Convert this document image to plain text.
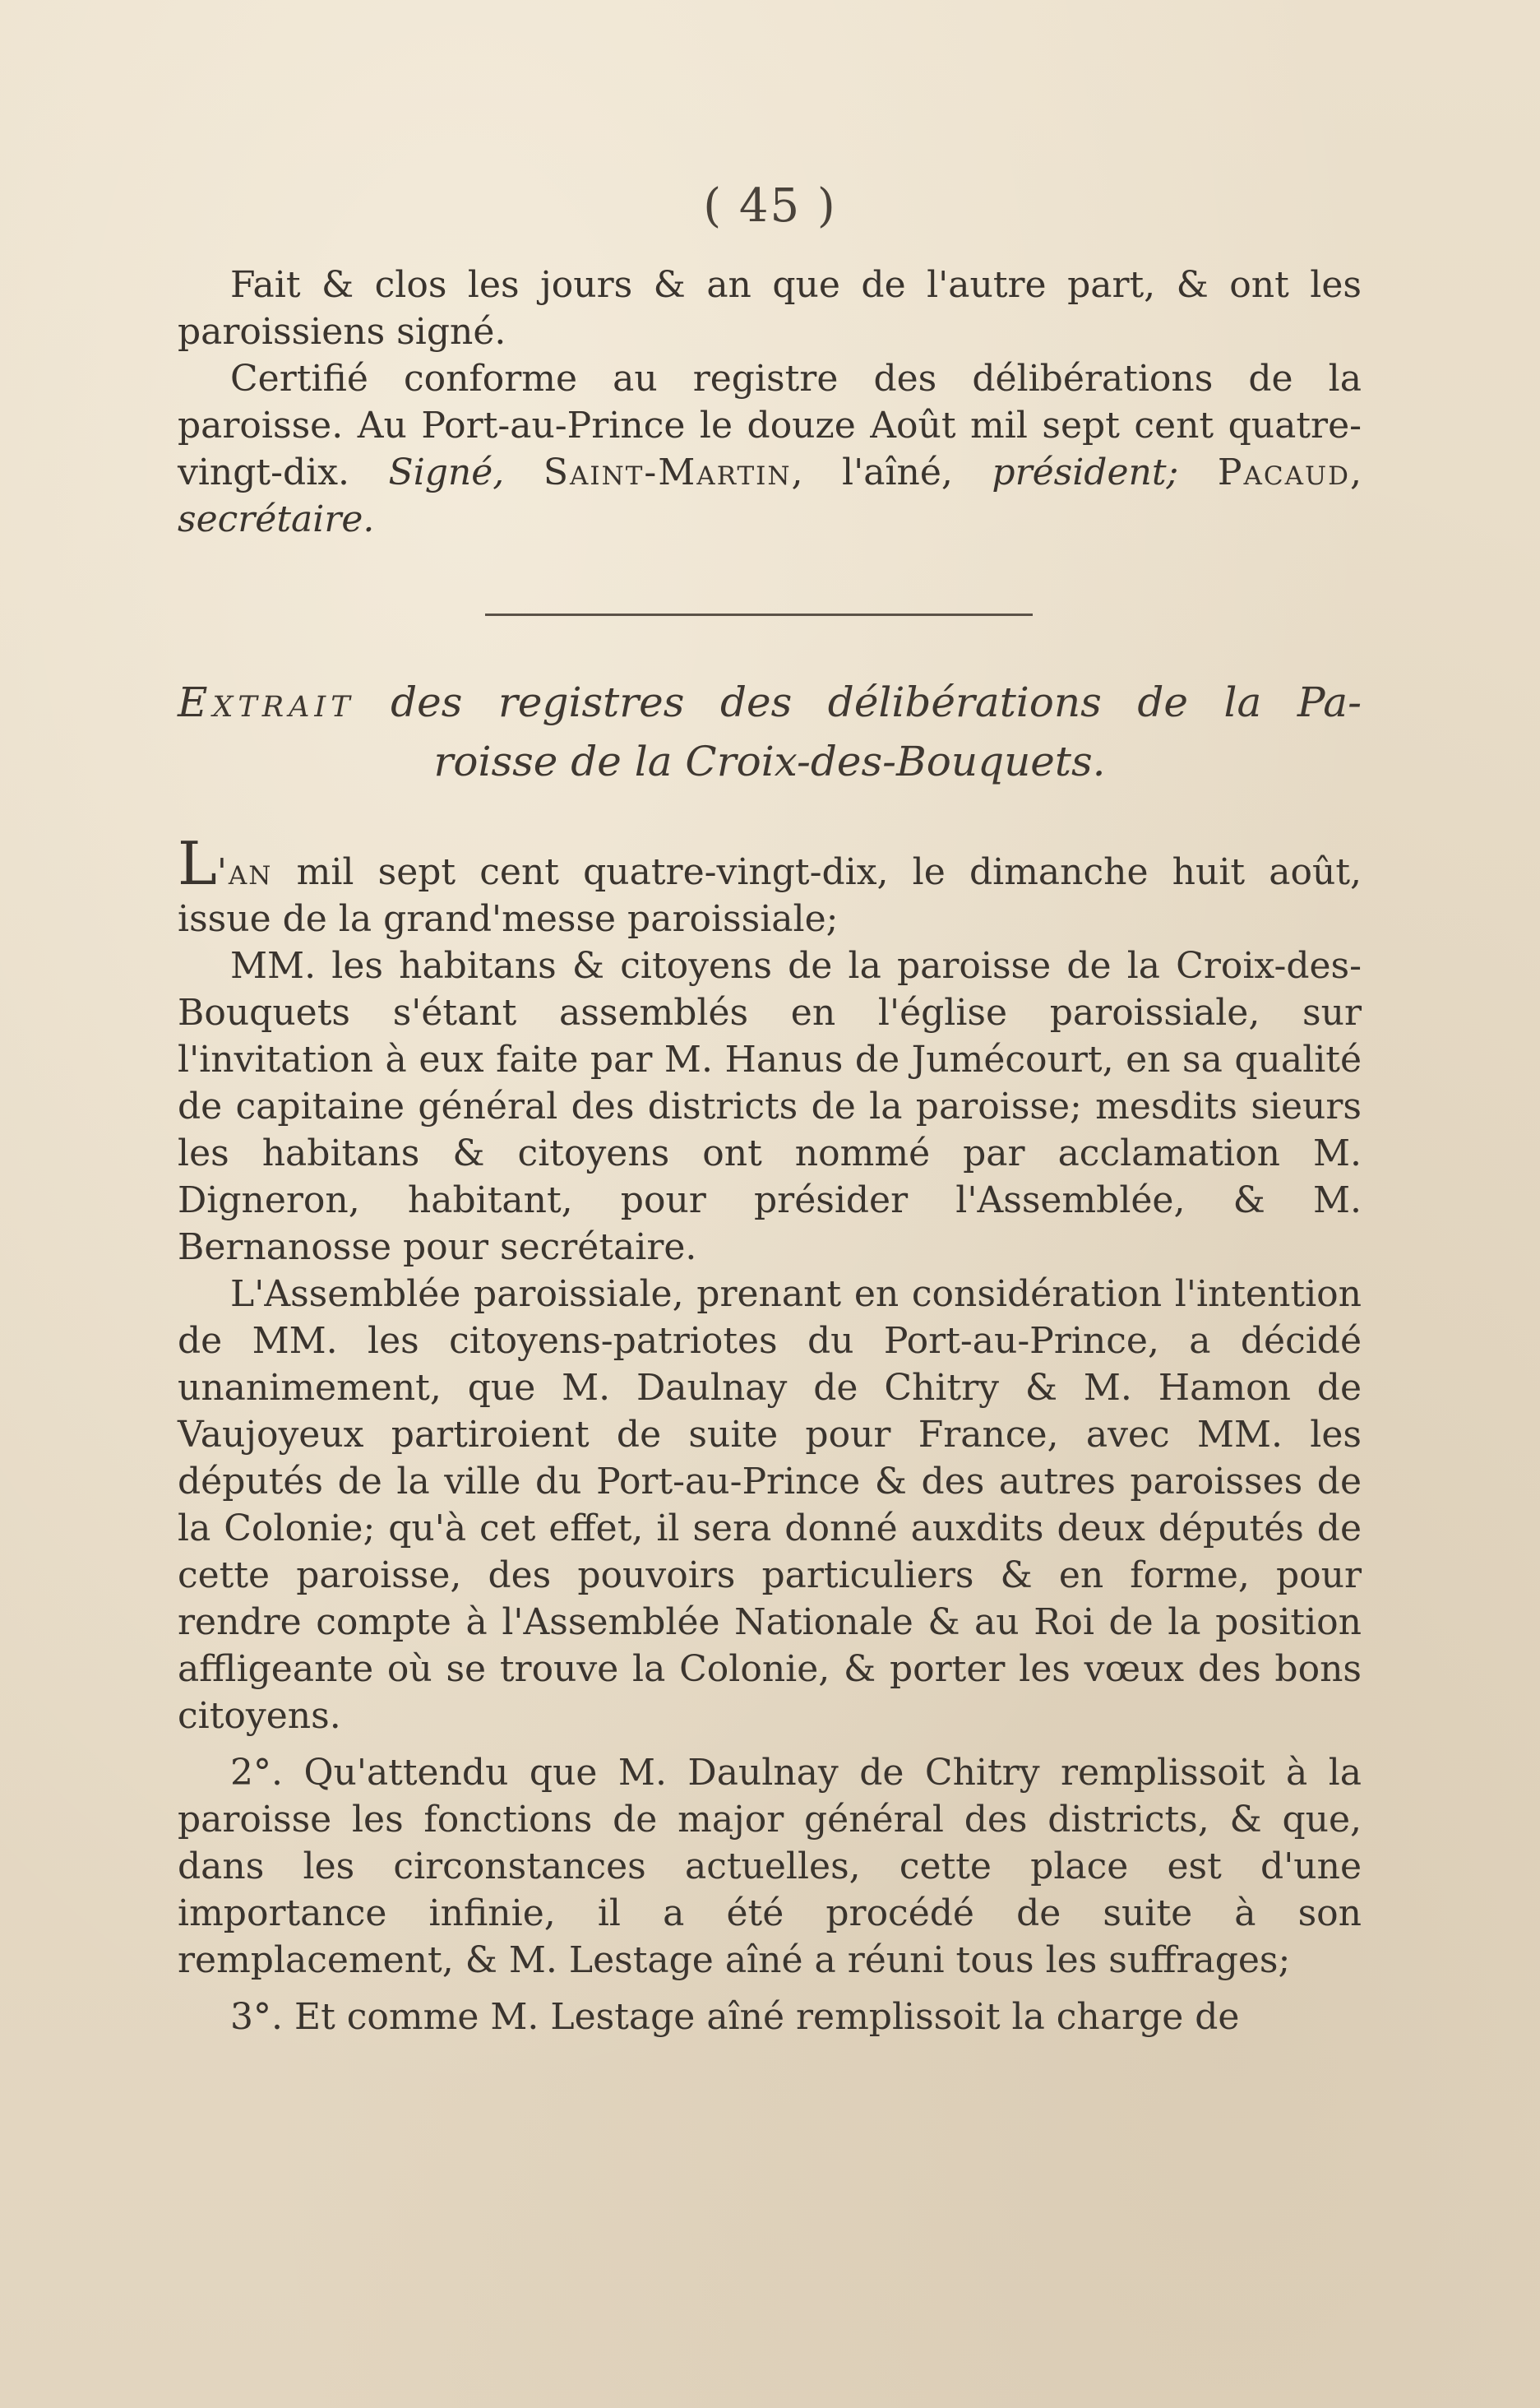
( 45 )

Fait & clos les jours & an que de l'autre part, & ont les paroissiens signé.

Certifié conforme au registre des délibérations de la paroisse. Au Port-au-Prince le douze Août mil sept cent quatre-vingt-dix. Signé, Saint-Martin, l'aîné, président; Pacaud, secrétaire.

Extrait des registres des délibérations de la Pa-
roisse de la Croix-des-Bouquets.

L'an mil sept cent quatre-vingt-dix, le dimanche huit août, issue de la grand'messe paroissiale;

MM. les habitans & citoyens de la paroisse de la Croix-des-Bouquets s'étant assemblés en l'église paroissiale, sur l'invitation à eux faite par M. Hanus de Jumécourt, en sa qualité de capitaine général des districts de la paroisse; mesdits sieurs les habitans & citoyens ont nommé par acclamation M. Digneron, habitant, pour présider l'Assemblée, & M. Bernanosse pour secrétaire.

L'Assemblée paroissiale, prenant en considération l'intention de MM. les citoyens-patriotes du Port-au-Prince, a décidé unanimement, que M. Daulnay de Chitry & M. Hamon de Vaujoyeux partiroient de suite pour France, avec MM. les députés de la ville du Port-au-Prince & des autres paroisses de la Colonie; qu'à cet effet, il sera donné auxdits deux députés de cette paroisse, des pouvoirs particuliers & en forme, pour rendre compte à l'Assemblée Nationale & au Roi de la position affligeante où se trouve la Colonie, & porter les vœux des bons citoyens.

2°. Qu'attendu que M. Daulnay de Chitry remplissoit à la paroisse les fonctions de major général des districts, & que, dans les circonstances actuelles, cette place est d'une importance infinie, il a été procédé de suite à son remplacement, & M. Lestage aîné a réuni tous les suffrages;

3°. Et comme M. Lestage aîné remplissoit la charge de
